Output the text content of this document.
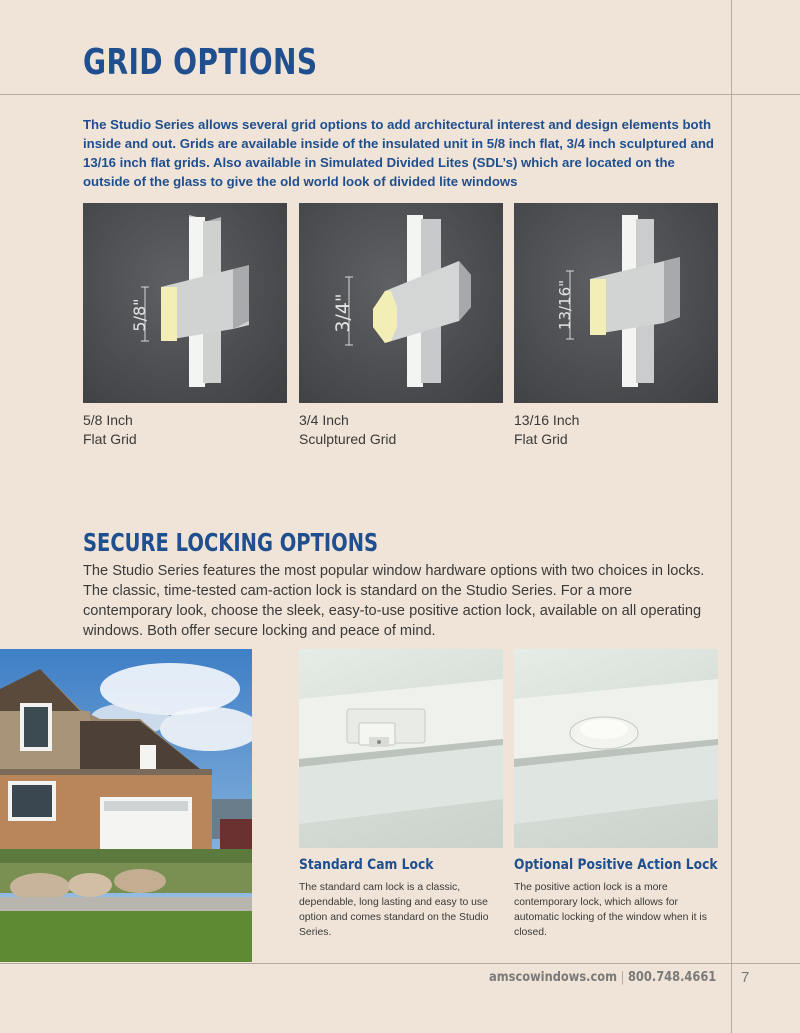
GRID OPTIONS

The Studio Series allows several grid options to add architectural interest and design elements both inside and out. Grids are available inside of the insulated unit in 5/8 inch flat, 3/4 inch sculptured and 13/16 inch flat grids. Also available in Simulated Divided Lites (SDL’s) which are located on the outside of the glass to give the old world look of divided lite windows

5/8"
5/8 Inch
Flat Grid
3/4"
3/4 Inch
Sculptured Grid
13/16"
13/16 Inch
Flat Grid
SECURE LOCKING OPTIONS

The Studio Series features the most popular window hardware options with two choices in locks. The classic, time-tested cam-action lock is standard on the Studio Series. For a more contemporary look, choose the sleek, easy-to-use positive action lock, available on all operating windows. Both offer secure locking and peace of mind.

Standard Cam Lock

The standard cam lock is a classic, dependable, long lasting and easy to use option and comes standard on the Studio Series.

Optional Positive Action Lock

The positive action lock is a more contemporary lock, which allows for automatic locking of the window when it is closed.

amscowindows.com | 800.748.4661 7
